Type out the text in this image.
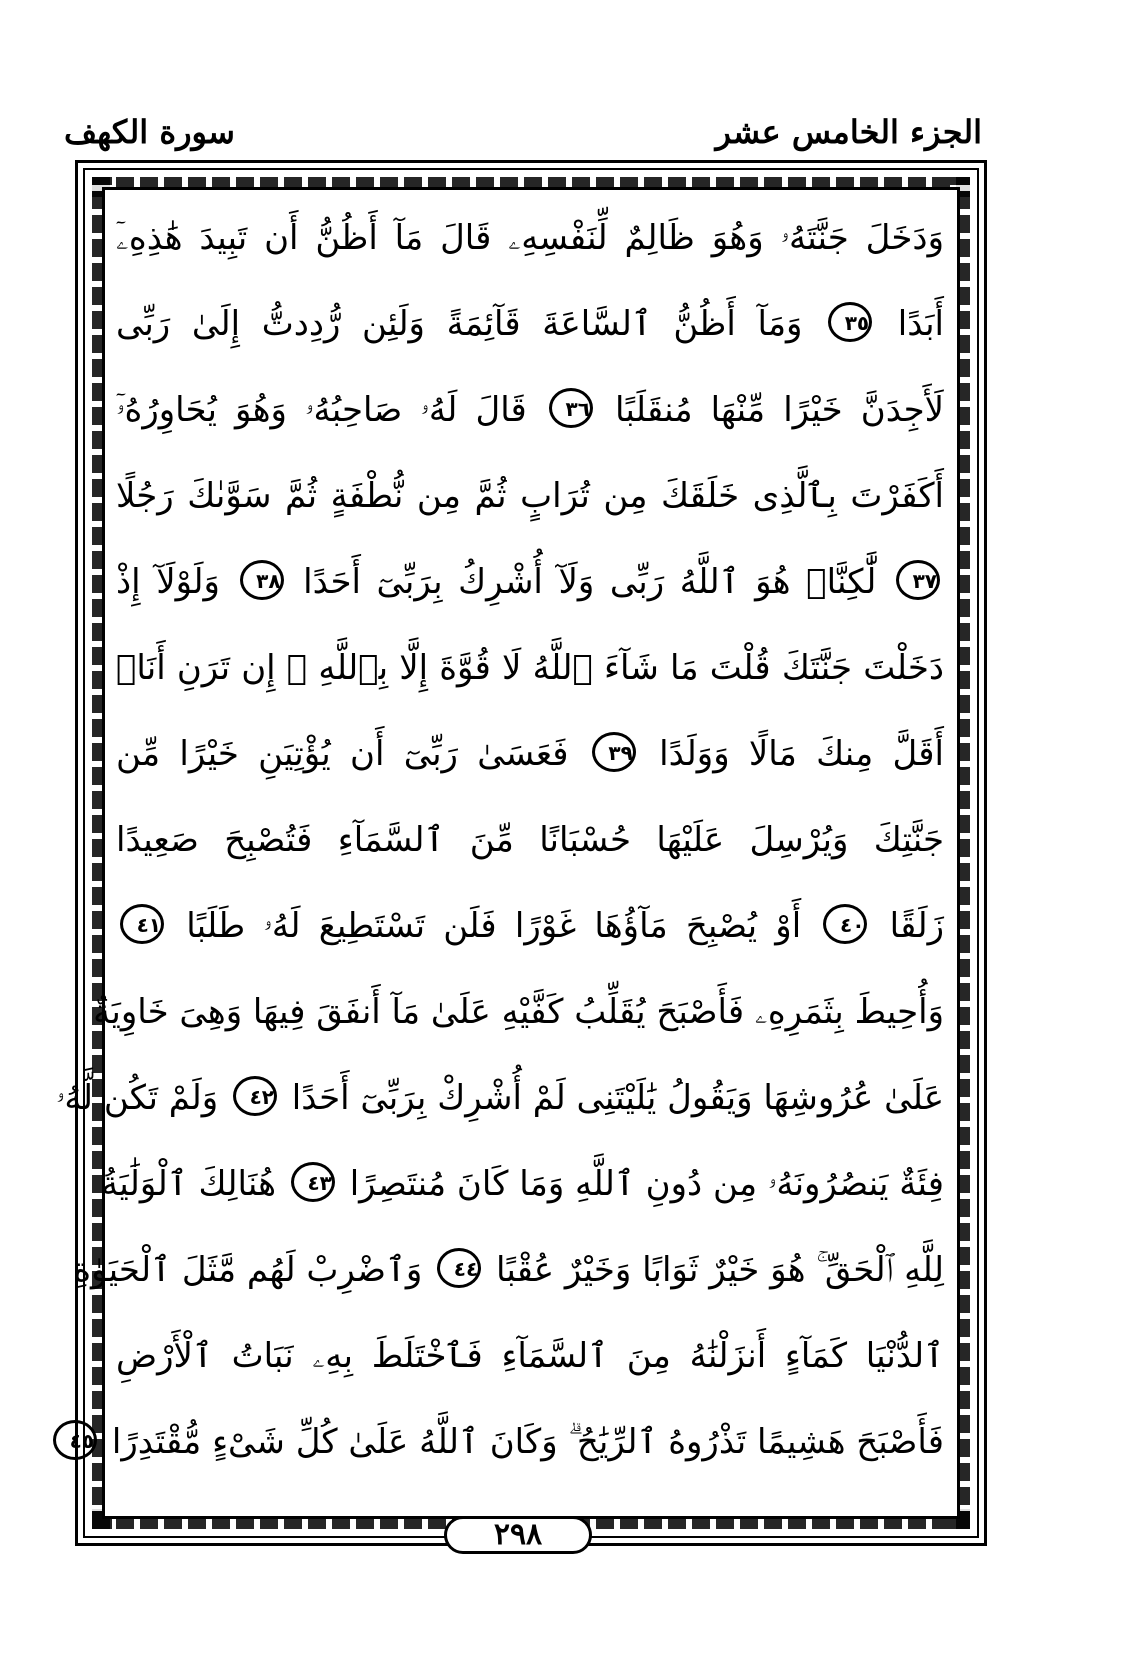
الجزء الخامس عشر
سورة الكهف
وَدَخَلَ جَنَّتَهُۥ وَهُوَ ظَالِمٌ لِّنَفْسِهِۦ قَالَ مَآ أَظُنُّ أَن تَبِيدَ هَٰذِهِۦٓ
أَبَدًا ٣٥ وَمَآ أَظُنُّ ٱلسَّاعَةَ قَآئِمَةً وَلَئِن رُّدِدتُّ إِلَىٰ رَبِّى
لَأَجِدَنَّ خَيْرًا مِّنْهَا مُنقَلَبًا ٣٦ قَالَ لَهُۥ صَاحِبُهُۥ وَهُوَ يُحَاوِرُهُۥٓ
أَكَفَرْتَ بِٱلَّذِى خَلَقَكَ مِن تُرَابٍ ثُمَّ مِن نُّطْفَةٍ ثُمَّ سَوَّىٰكَ رَجُلًا
٣٧ لَّٰكِنَّا۠ هُوَ ٱللَّهُ رَبِّى وَلَآ أُشْرِكُ بِرَبِّىٓ أَحَدًا ٣٨ وَلَوْلَآ إِذْ
دَخَلْتَ جَنَّتَكَ قُلْتَ مَا شَآءَ ٱللَّهُ لَا قُوَّةَ إِلَّا بِٱللَّهِ ۚ إِن تَرَنِ أَنَا۠
أَقَلَّ مِنكَ مَالًا وَوَلَدًا ٣٩ فَعَسَىٰ رَبِّىٓ أَن يُؤْتِيَنِ خَيْرًا مِّن
جَنَّتِكَ وَيُرْسِلَ عَلَيْهَا حُسْبَانًا مِّنَ ٱلسَّمَآءِ فَتُصْبِحَ صَعِيدًا
زَلَقًا ٤٠ أَوْ يُصْبِحَ مَآؤُهَا غَوْرًا فَلَن تَسْتَطِيعَ لَهُۥ طَلَبًا ٤١
وَأُحِيطَ بِثَمَرِهِۦ فَأَصْبَحَ يُقَلِّبُ كَفَّيْهِ عَلَىٰ مَآ أَنفَقَ فِيهَا وَهِىَ خَاوِيَةٌ
عَلَىٰ عُرُوشِهَا وَيَقُولُ يَٰلَيْتَنِى لَمْ أُشْرِكْ بِرَبِّىٓ أَحَدًا ٤٢ وَلَمْ تَكُن لَّهُۥ
فِئَةٌ يَنصُرُونَهُۥ مِن دُونِ ٱللَّهِ وَمَا كَانَ مُنتَصِرًا ٤٣ هُنَالِكَ ٱلْوَلَٰيَةُ
لِلَّهِ ٱلْحَقِّ ۚ هُوَ خَيْرٌ ثَوَابًا وَخَيْرٌ عُقْبًا ٤٤ وَٱضْرِبْ لَهُم مَّثَلَ ٱلْحَيَوٰةِ
ٱلدُّنْيَا كَمَآءٍ أَنزَلْنَٰهُ مِنَ ٱلسَّمَآءِ فَٱخْتَلَطَ بِهِۦ نَبَاتُ ٱلْأَرْضِ
فَأَصْبَحَ هَشِيمًا تَذْرُوهُ ٱلرِّيَٰحُ ۗ وَكَانَ ٱللَّهُ عَلَىٰ كُلِّ شَىْءٍ مُّقْتَدِرًا ٤٥
٢٩٨
